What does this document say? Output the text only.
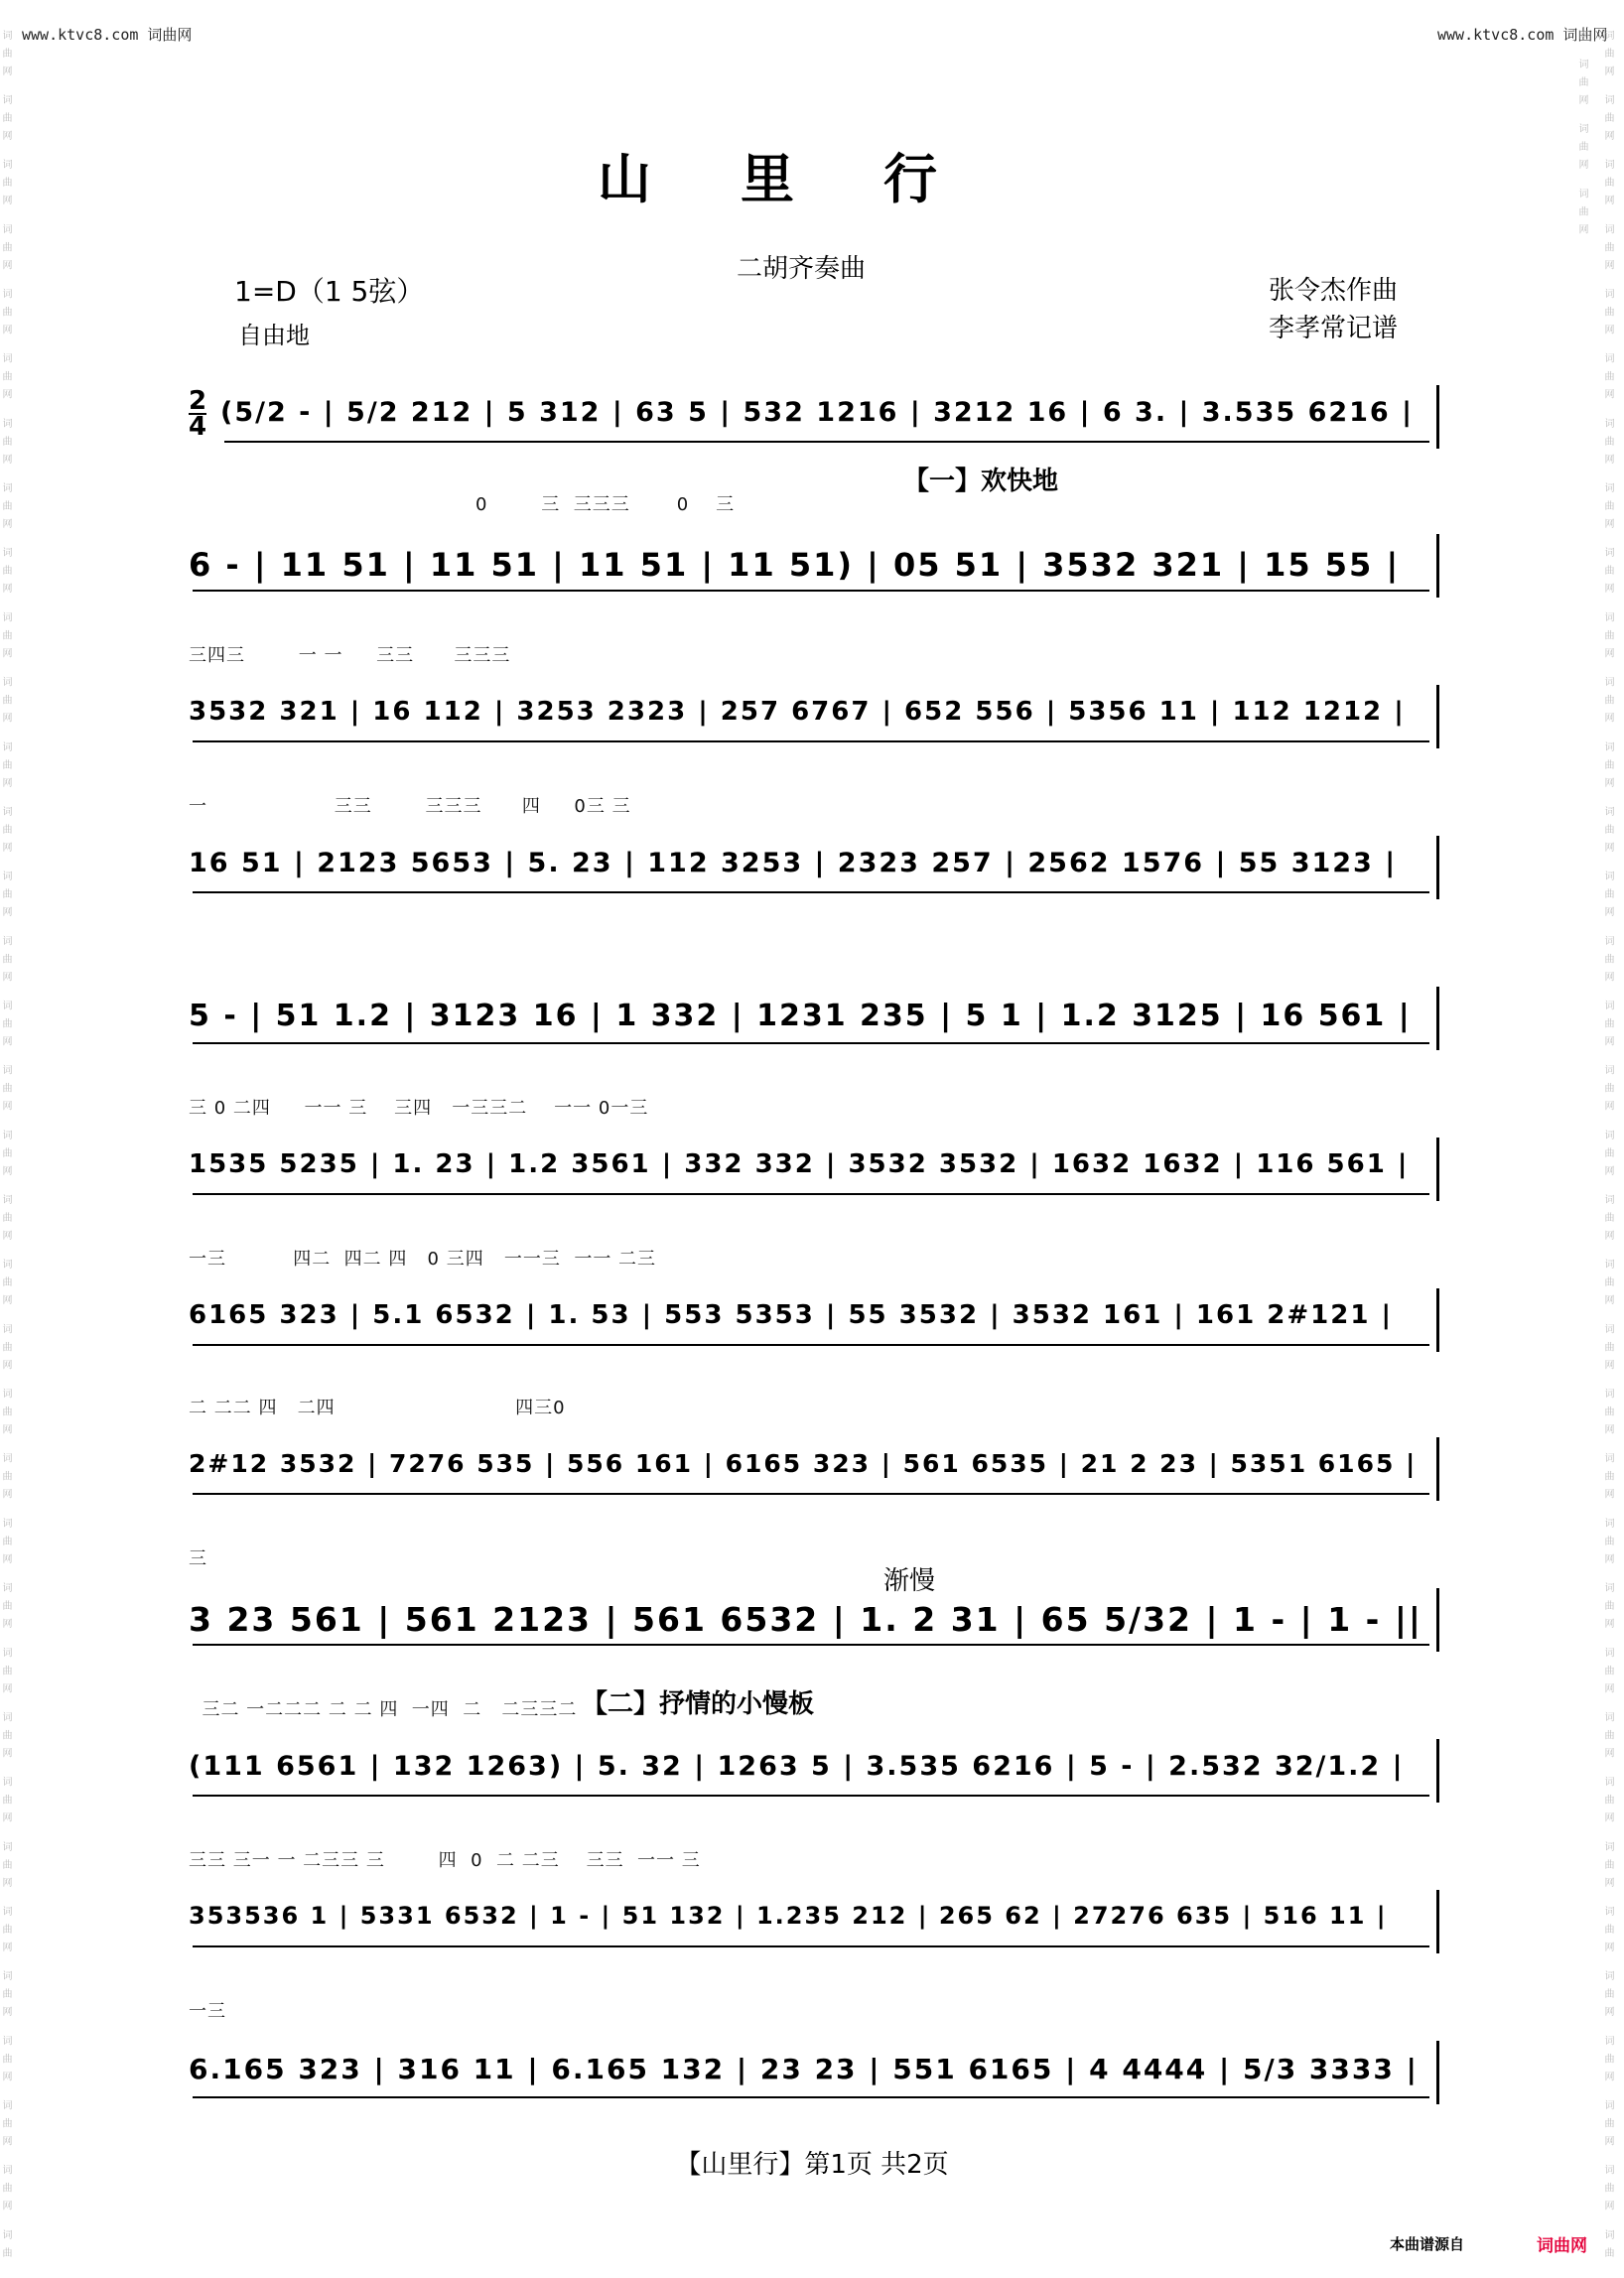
www.ktvc8.com 词曲网	www.ktvc8.com 词曲网
词曲网 词曲网 词曲网 词曲网 词曲网 词曲网 词曲网 词曲网 词曲网 词曲网 词曲网 词曲网 词曲网 词曲网 词曲网 词曲网 词曲网 词曲网 词曲网 词曲网 词曲网 词曲网 词曲网 词曲网 词曲网 词曲网 词曲网 词曲网 词曲网 词曲网 词曲网 词曲网 词曲网 词曲网 词曲	词曲网 词曲网 词曲网 词曲网 词曲网 词曲网 词曲网 词曲网 词曲网 词曲网 词曲网 词曲网 词曲网 词曲网 词曲网 词曲网 词曲网 词曲网 词曲网 词曲网 词曲网 词曲网 词曲网 词曲网 词曲网 词曲网 词曲网 词曲网 词曲网 词曲网 词曲网 词曲网 词曲网 词曲网 词曲网 词曲网 词曲网 词曲网
山里行
二胡齐奏曲
1=D（1 5弦）
自由地
张令杰作曲
李孝常记谱
2
4
【一】欢快地
渐慢
【二】抒情的小慢板
(5/2 - | 5/2 212 | 5 312 | 63 5 | 532 1216 | 3212 16 | 6 3. | 3.535 6216 |
0        三  三三三       0    三
6 - | 11 51 | 11 51 | 11 51 | 11 51) | 05 51 | 3532 321 | 15 55 |
三四三        一 一     三三      三三三
3532 321 | 16 112 | 3253 2323 | 257 6767 | 652 556 | 5356 11 | 112 1212 |
一                   三三        三三三      四     0三 三
16 51 | 2123 5653 | 5. 23 | 112 3253 | 2323 257 | 2562 1576 | 55 3123 |
5 - | 51 1.2 | 3123 16 | 1 332 | 1231 235 | 5 1 | 1.2 3125 | 16 561 |
三 0 二四     一一 三    三四   一三三二    一一 0一三
1535 5235 | 1. 23 | 1.2 3561 | 332 332 | 3532 3532 | 1632 1632 | 116 561 |
一三          四二  四二 四   0 三四   一一三  一一 二三
6165 323 | 5.1 6532 | 1. 53 | 553 5353 | 55 3532 | 3532 161 | 161 2#121 |
二 二二 四   二四                           四三0
2#12 3532 | 7276 535 | 556 161 | 6165 323 | 561 6535 | 21 2 23 | 5351 6165 |
三
3 23 561 | 561 2123 | 561 6532 | 1. 2 31 | 65 5/32 | 1 - | 1 - ||
三二 一二二二 二 二 四  一四  二   二三三二
(111 6561 | 132 1263) | 5. 32 | 1263 5 | 3.535 6216 | 5 - | 2.532 32/1.2 |
三三 三一 一 二三三 三        四  0  二 二三    三三  一一 三
353536 1 | 5331 6532 | 1 - | 51 132 | 1.235 212 | 265 62 | 27276 635 | 516 11 |
一三
6.165 323 | 316 11 | 6.165 132 | 23 23 | 551 6165 | 4 4444 | 5/3 3333 |
【山里行】第1页 共2页
本曲谱源自	词曲网
